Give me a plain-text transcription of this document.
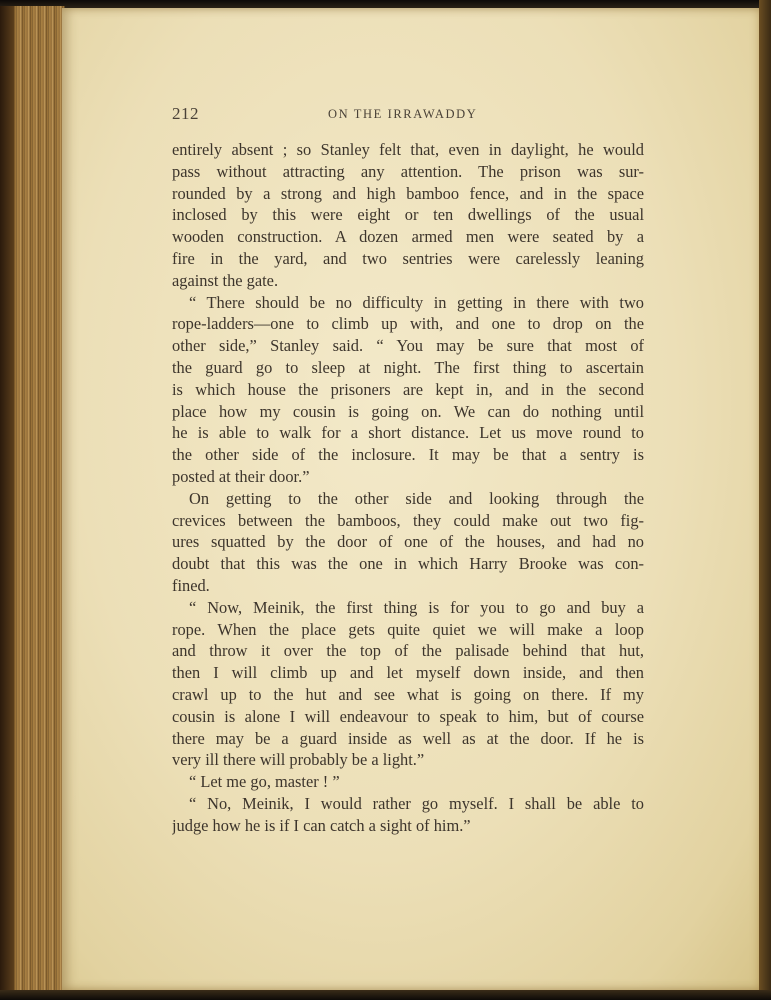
212	ON THE IRRAWADDY
entirely absent ; so Stanley felt that, even in daylight, he would
pass without attracting any attention. The prison was sur-
rounded by a strong and high bamboo fence, and in the space
inclosed by this were eight or ten dwellings of the usual
wooden construction. A dozen armed men were seated by a
fire in the yard, and two sentries were carelessly leaning
against the gate.
“ There should be no difficulty in getting in there with two
rope-ladders—one to climb up with, and one to drop on the
other side,” Stanley said. “ You may be sure that most of
the guard go to sleep at night. The first thing to ascertain
is which house the prisoners are kept in, and in the second
place how my cousin is going on. We can do nothing until
he is able to walk for a short distance. Let us move round to
the other side of the inclosure. It may be that a sentry is
posted at their door.”
On getting to the other side and looking through the
crevices between the bamboos, they could make out two fig-
ures squatted by the door of one of the houses, and had no
doubt that this was the one in which Harry Brooke was con-
fined.
“ Now, Meinik, the first thing is for you to go and buy a
rope. When the place gets quite quiet we will make a loop
and throw it over the top of the palisade behind that hut,
then I will climb up and let myself down inside, and then
crawl up to the hut and see what is going on there. If my
cousin is alone I will endeavour to speak to him, but of course
there may be a guard inside as well as at the door. If he is
very ill there will probably be a light.”
“ Let me go, master ! ”
“ No, Meinik, I would rather go myself. I shall be able to
judge how he is if I can catch a sight of him.”
